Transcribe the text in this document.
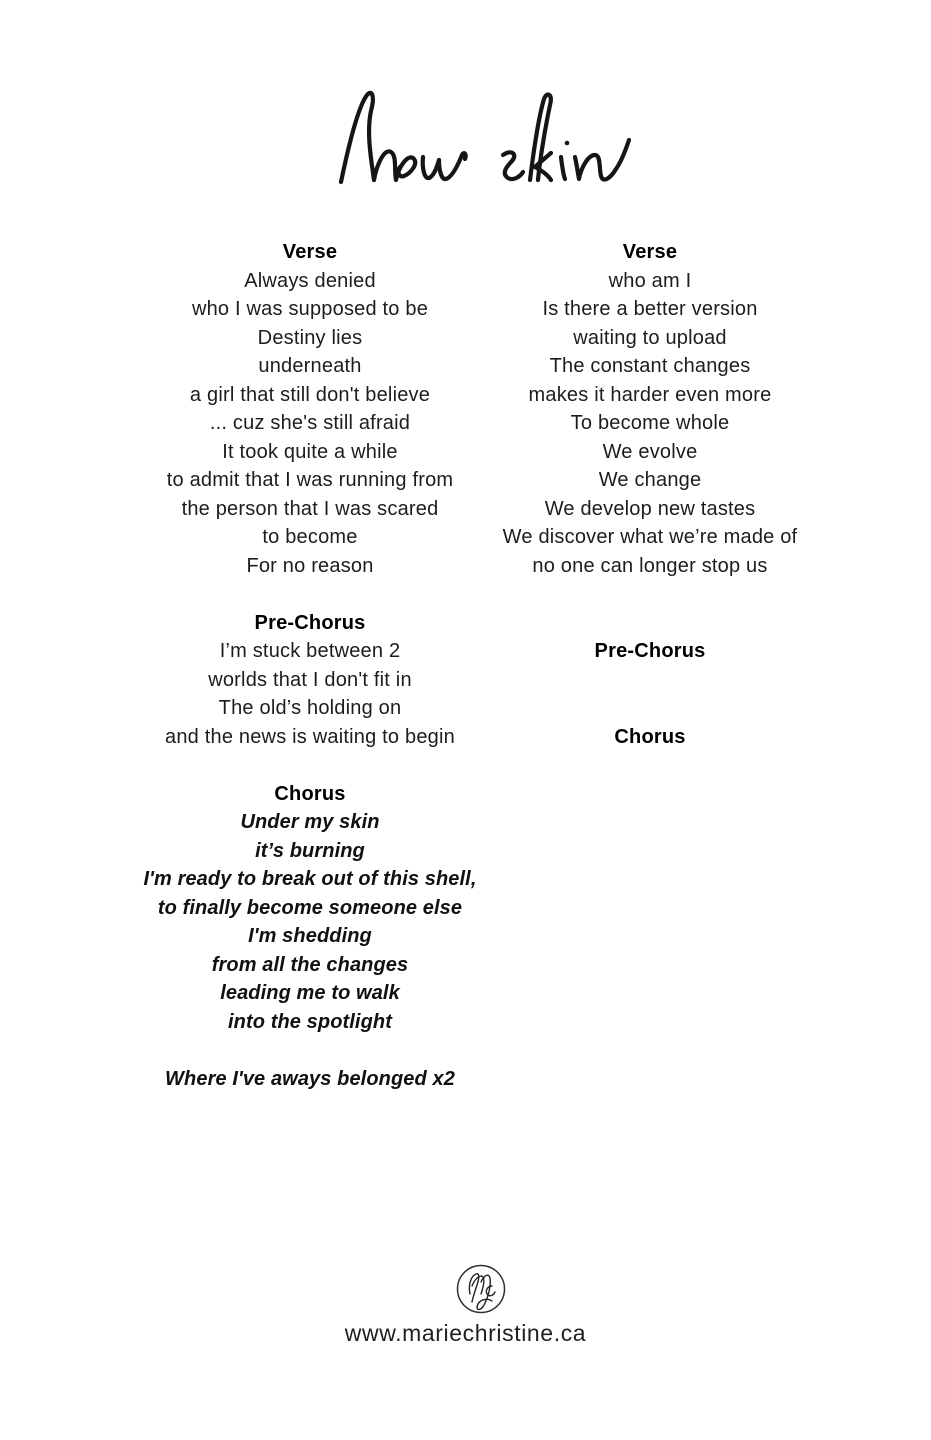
Verse
Always denied
who I was supposed to be
Destiny lies
underneath
a girl that still don't believe
... cuz she's still afraid
It took quite a while
to admit that I was running from
the person that I was scared
to become
For no reason
Pre-Chorus
I’m stuck between 2
worlds that I don't fit in
The old’s holding on
and the news is waiting to begin
Chorus
Under my skin
it’s burning
I'm ready to break out of this shell,
to finally become someone else
I'm shedding
from all the changes
leading me to walk
into the spotlight
Where I've aways belonged x2
Verse
who am I
Is there a better version
waiting to upload
The constant changes
makes it harder even more
To become whole
We evolve
We change
We develop new tastes
We discover what we’re made of
no one can longer stop us
Pre-Chorus
Chorus
www.mariechristine.ca
